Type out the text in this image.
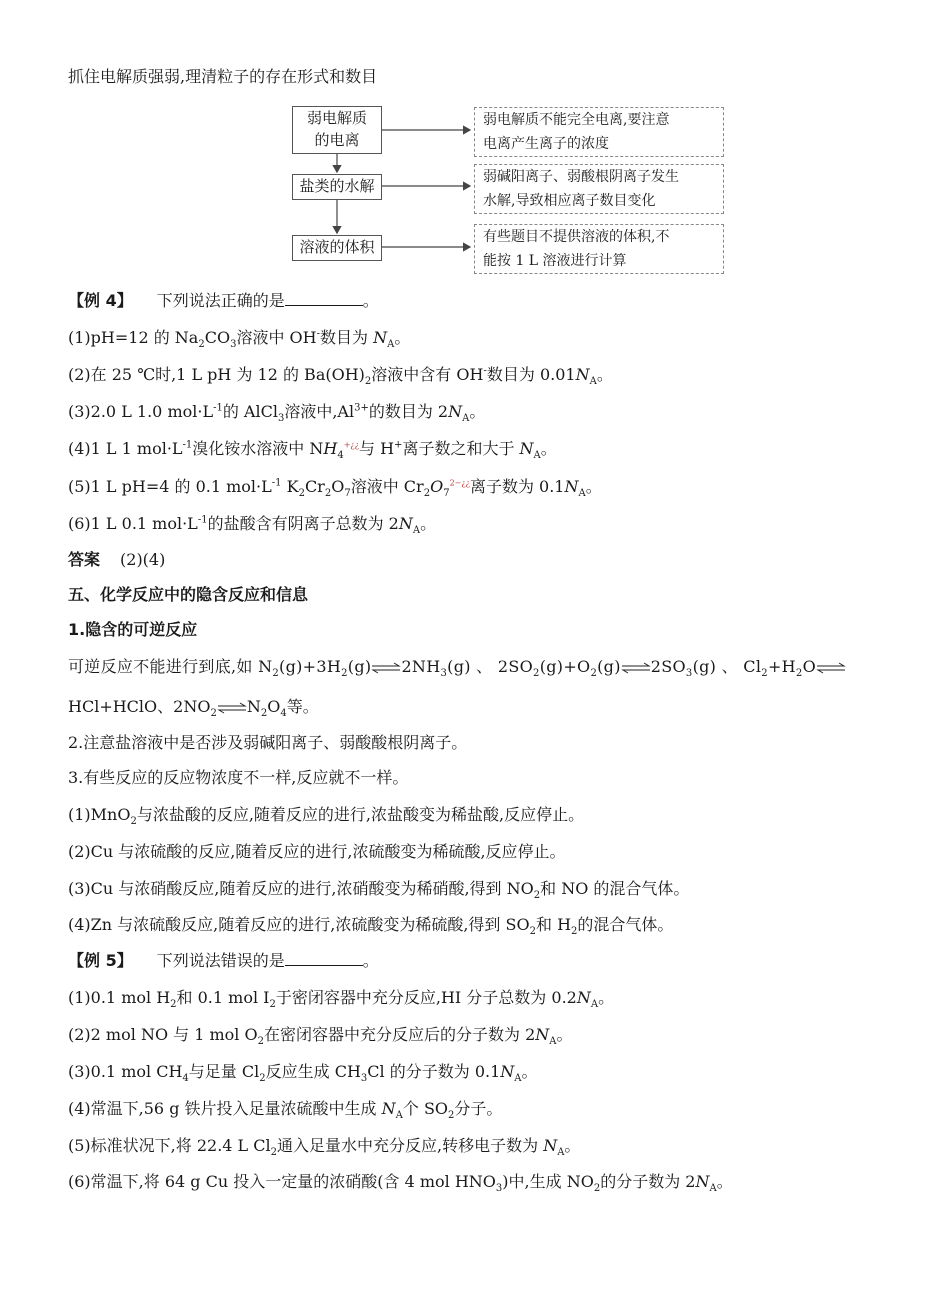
抓住电解质强弱,理清粒子的存在形式和数目
弱电解质
的电离
盐类的水解
溶液的体积
弱电解质不能完全电离,要注意
电离产生离子的浓度
弱碱阳离子、弱酸根阴离子发生
水解,导致相应离子数目变化
有些题目不提供溶液的体积,不
能按 1 L 溶液进行计算
【例 4】 下列说法正确的是	。
(1)pH=12 的 $Na_2CO_3$溶液中 OH-数目为 $N_A$。
(2)在 25 ℃时,1 L pH 为 12 的 $Ba(OH)_2$溶液中含有 OH-数目为 $0.01N_A$。
(3)2.0 L 1.0 $mol\cdot L^{-1}$的 AlCl$_3$溶液中$,Al^{3+}$的数目为 $2N_A$。
(4)1 L 1 $mol\cdot L^{-1}$溴化铵水溶液中 $NH_4^{+¿¿}$与 H+离子数之和大于 $N_A$。
(5)1 L pH=4 的 0.1 $mol\cdot L^{-1}$ $K_2Cr_2O_7$溶液中 $Cr_2O_7^{2-¿¿}$离子数为 $0.1N_A$。
(6)1 L 0.1 $mol\cdot L^{-1}$的盐酸含有阴离子总数为 $2N_A$。
答案 (2)(4)
五、化学反应中的隐含反应和信息
1.隐含的可逆反应
可逆反应不能进行到底,如 $N_2(g)+3H_2(g)\rightleftharpoons 2NH_3(g)$ 、 $2SO_2(g)+O_2(g)\rightleftharpoons 2SO_3(g)$ 、 $Cl_2+H_2O\rightleftharpoons$
HCl+HClO、$2NO_2$ $\rightleftharpoons N_2O_4$等。
2.注意盐溶液中是否涉及弱碱阳离子、弱酸酸根阴离子。
3.有些反应的反应物浓度不一样,反应就不一样。
(1)MnO$_2$与浓盐酸的反应,随着反应的进行,浓盐酸变为稀盐酸,反应停止。
(2)Cu 与浓硫酸的反应,随着反应的进行,浓硫酸变为稀硫酸,反应停止。
(3)Cu 与浓硝酸反应,随着反应的进行,浓硝酸变为稀硝酸,得到 $NO_2$和 NO 的混合气体。
(4)Zn 与浓硫酸反应,随着反应的进行,浓硫酸变为稀硫酸,得到 $SO_2$和 $H_2$的混合气体。
【例 5】 下列说法错误的是	。
(1)0.1 mol $H_2$和 0.1 mol $I_2$于密闭容器中充分反应,HI 分子总数为 $0.2N_A$。
(2)2 mol NO 与 1 mol $O_2$在密闭容器中充分反应后的分子数为 $2N_A$。
(3)0.1 mol $CH_4$与足量 $Cl_2$反应生成 $CH_3Cl$ 的分子数为 $0.1N_A$。
(4)常温下,56 g 铁片投入足量浓硫酸中生成 $N_A$个 $SO_2$分子。
(5)标准状况下,将 22.4 L $Cl_2$通入足量水中充分反应,转移电子数为 $N_A$。
(6)常温下,将 64 g Cu 投入一定量的浓硝酸(含 4 mol $HNO_3$)中,生成 $NO_2$的分子数为 $2N_A$。
